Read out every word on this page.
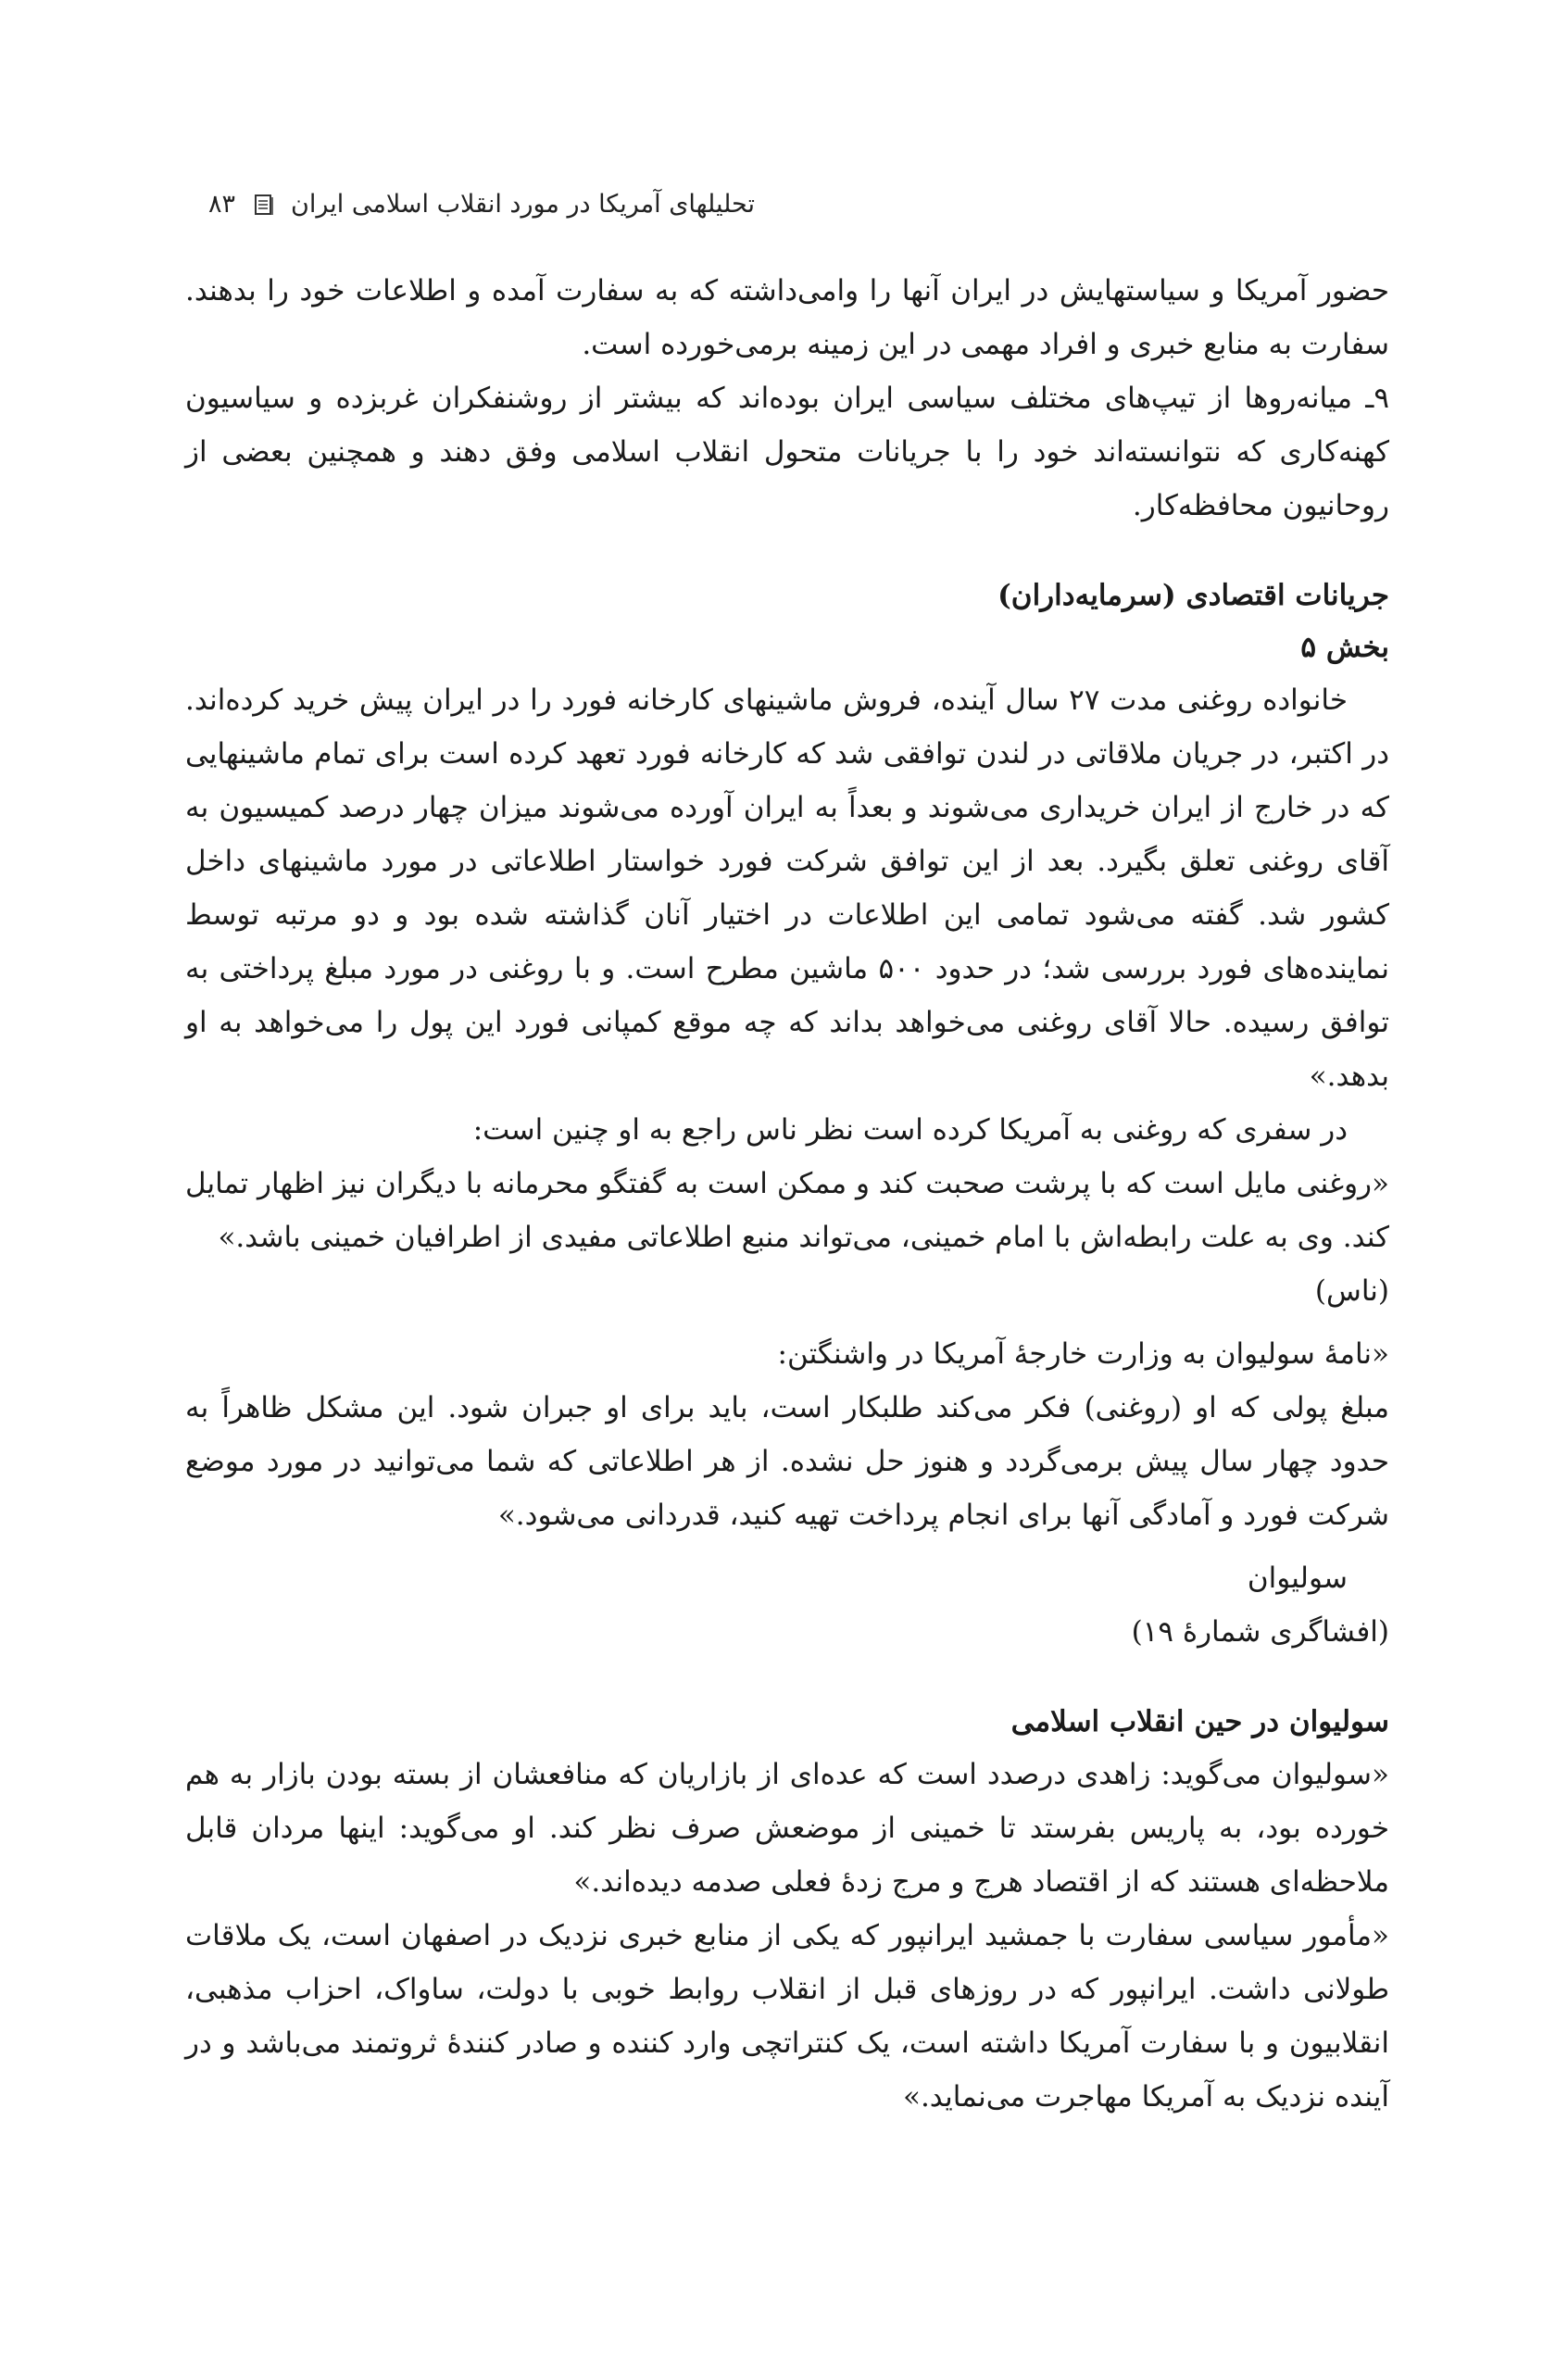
تحلیلهای آمریکا در مورد انقلاب اسلامی ایران
۸۳

حضور آمریکا و سیاستهایش در ایران آنها را وامی‌داشته که به سفارت آمده و اطلاعات خود را بدهند. سفارت به منابع خبری و افراد مهمی در این زمینه برمی‌خورده است.

۹ـ میانه‌روها از تیپ‌های مختلف سیاسی ایران بوده‌اند که بیشتر از روشنفکران غربزده و سیاسیون کهنه‌کاری که نتوانسته‌اند خود را با جریانات متحول انقلاب اسلامی وفق دهند و همچنین بعضی از روحانیون محافظه‌کار.

جریانات اقتصادی (سرمایه‌داران)

بخش ۵

خانواده روغنی مدت ۲۷ سال آینده، فروش ماشینهای کارخانه فورد را در ایران پیش خرید کرده‌اند. در اکتبر، در جریان ملاقاتی در لندن توافقی شد که کارخانه فورد تعهد کرده است برای تمام ماشینهایی که در خارج از ایران خریداری می‌شوند و بعداً به ایران آورده می‌شوند میزان چهار درصد کمیسیون به آقای روغنی تعلق بگیرد. بعد از این توافق شرکت فورد خواستار اطلاعاتی در مورد ماشینهای داخل کشور شد. گفته می‌شود تمامی این اطلاعات در اختیار آنان گذاشته شده بود و دو مرتبه توسط نماینده‌های فورد بررسی شد؛ در حدود ۵۰۰ ماشین مطرح است. و با روغنی در مورد مبلغ پرداختی به توافق رسیده. حالا آقای روغنی می‌خواهد بداند که چه موقع کمپانی فورد این پول را می‌خواهد به او بدهد.»

در سفری که روغنی به آمریکا کرده است نظر ناس راجع به او چنین است:

«روغنی مایل است که با پرشت صحبت کند و ممکن است به گفتگو محرمانه با دیگران نیز اظهار تمایل کند. وی به علت رابطه‌اش با امام خمینی، می‌تواند منبع اطلاعاتی مفیدی از اطرافیان خمینی باشد.»

(ناس)

«نامهٔ سولیوان به وزارت خارجهٔ آمریکا در واشنگتن:

مبلغ پولی که او (روغنی) فکر می‌کند طلبکار است، باید برای او جبران شود. این مشکل ظاهراً به حدود چهار سال پیش برمی‌گردد و هنوز حل نشده. از هر اطلاعاتی که شما می‌توانید در مورد موضع شرکت فورد و آمادگی آنها برای انجام پرداخت تهیه کنید، قدردانی می‌شود.»

سولیوان

(افشاگری شمارهٔ ۱۹)

سولیوان در حین انقلاب اسلامی

«سولیوان می‌گوید: زاهدی درصدد است که عده‌ای از بازاریان که منافعشان از بسته بودن بازار به هم خورده بود، به پاریس بفرستد تا خمینی از موضعش صرف نظر کند. او می‌گوید: اینها مردان قابل ملاحظه‌ای هستند که از اقتصاد هرج و مرج زدهٔ فعلی صدمه دیده‌اند.»

«مأمور سیاسی سفارت با جمشید ایرانپور که یکی از منابع خبری نزدیک در اصفهان است، یک ملاقات طولانی داشت. ایرانپور که در روزهای قبل از انقلاب روابط خوبی با دولت، ساواک، احزاب مذهبی، انقلابیون و با سفارت آمریکا داشته است، یک کنتراتچی وارد کننده و صادر کنندهٔ ثروتمند می‌باشد و در آینده نزدیک به آمریکا مهاجرت می‌نماید.»
